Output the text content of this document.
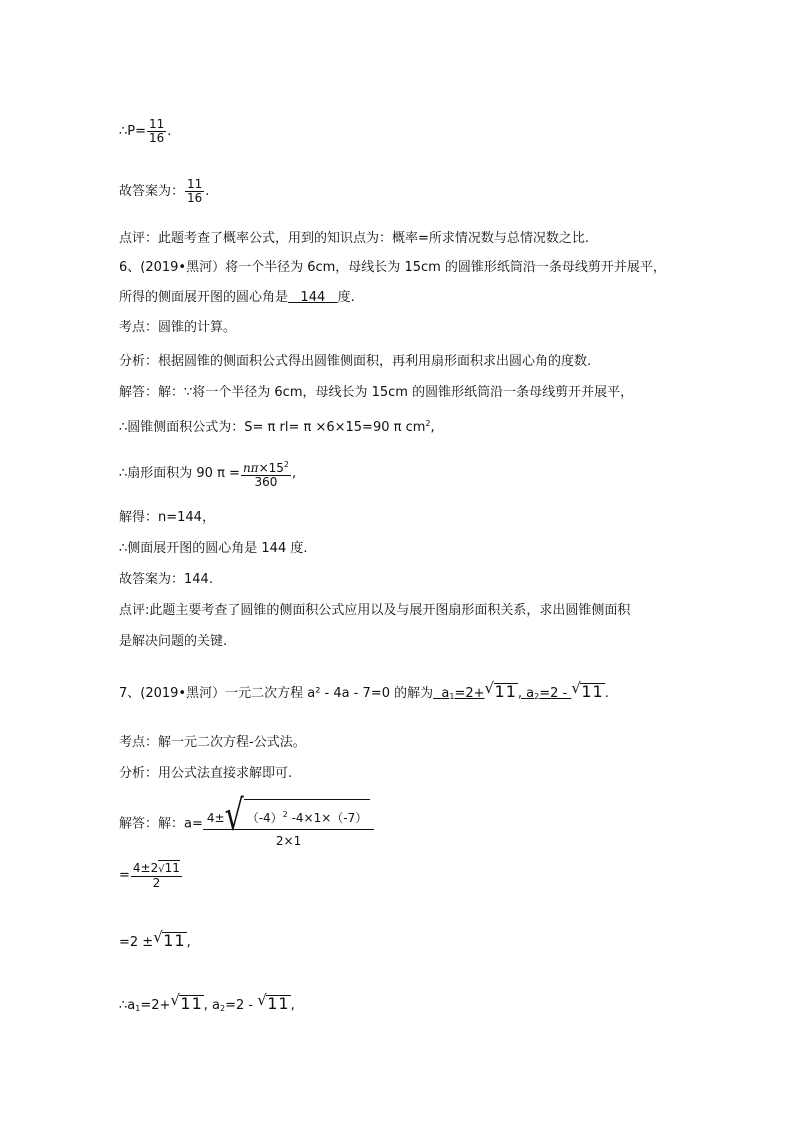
∴P= $\frac{11}{16}$ .
故答案为： $\frac{11}{16}$ .
点评：此题考查了概率公式，用到的知识点为：概率=所求情况数与总情况数之比.
6、(2019•黑河）将一个半径为 6cm，母线长为 15cm 的圆锥形纸筒沿一条母线剪开并展平，
所得的侧面展开图的圆心角是 144 度.
考点：圆锥的计算。
分析：根据圆锥的侧面积公式得出圆锥侧面积，再利用扇形面积求出圆心角的度数.
解答：解：∵将一个半径为 6cm，母线长为 15cm 的圆锥形纸筒沿一条母线剪开并展平，
∴圆锥侧面积公式为：S= π rl= π ×6×15=90 π $cm^2$,
∴扇形面积为 90 $\pi = \frac{n\pi\times 15^2}{360}$ ,
解得：n=144，
∴侧面展开图的圆心角是 144 度.
故答案为：144.
点评:此题主要考查了圆锥的侧面积公式应用以及与展开图扇形面积关系，求出圆锥侧面积
是解决问题的关键.
7、(2019•黑河）一元二次方程 a² - 4a - 7=0 的解为 $a_1=2+$ √ 11, $a_2=2$ - √ 11.
考点：解一元二次方程-公式法。
分析：用公式法直接求解即可.
解答：解：$a= \frac{4\pm√ (-4)^2 -4\times 1\times(-7)}{2\times 1}$
= $\frac{4\pm 2√11}{2}$
=2 ± √ 11,
$\therefore a_1=2+$ √ 11, $a_2=2$ - √ 11,
